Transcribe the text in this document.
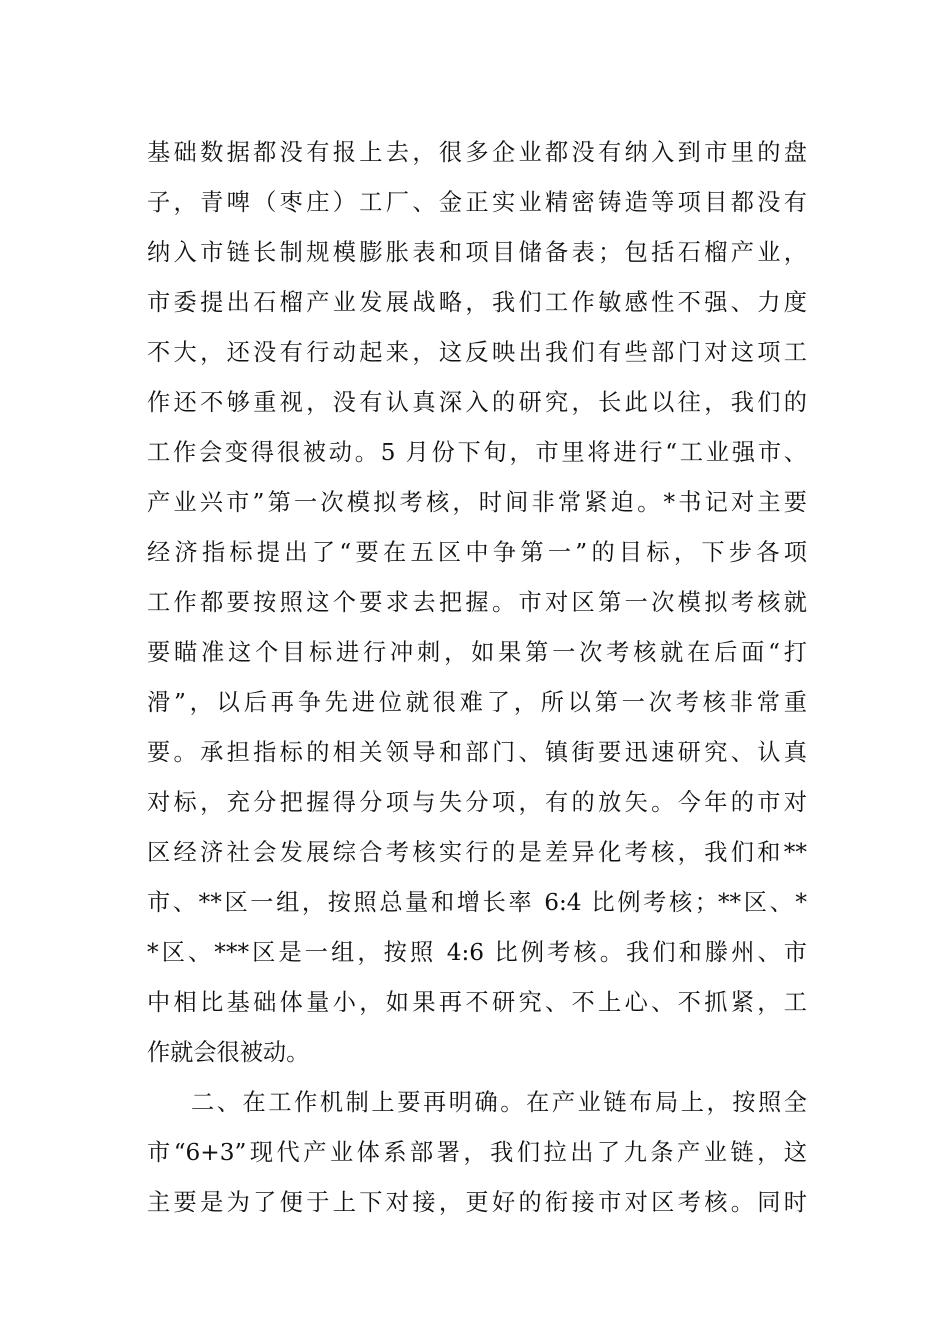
基础数据都没有报上去，很多企业都没有纳入到市里的盘
子，青啤（枣庄）工厂、金正实业精密铸造等项目都没有
纳入市链长制规模膨胀表和项目储备表；包括石榴产业，
市委提出石榴产业发展战略，我们工作敏感性不强、力度
不大，还没有行动起来，这反映出我们有些部门对这项工
作还不够重视，没有认真深入的研究，长此以往，我们的
工作会变得很被动。5 月份下旬，市里将进行“工业强市、
产业兴市”第一次模拟考核，时间非常紧迫。*书记对主要
经济指标提出了“要在五区中争第一”的目标，下步各项
工作都要按照这个要求去把握。市对区第一次模拟考核就
要瞄准这个目标进行冲刺，如果第一次考核就在后面“打
滑”，以后再争先进位就很难了，所以第一次考核非常重
要。承担指标的相关领导和部门、镇街要迅速研究、认真
对标，充分把握得分项与失分项，有的放矢。今年的市对
区经济社会发展综合考核实行的是差异化考核，我们和**
市、**区一组，按照总量和增长率 6:4 比例考核；**区、*
*区、***区是一组，按照 4:6 比例考核。我们和滕州、市
中相比基础体量小，如果再不研究、不上心、不抓紧，工
作就会很被动。
二、在工作机制上要再明确。在产业链布局上，按照全
市“6+3”现代产业体系部署，我们拉出了九条产业链，这
主要是为了便于上下对接，更好的衔接市对区考核。同时
